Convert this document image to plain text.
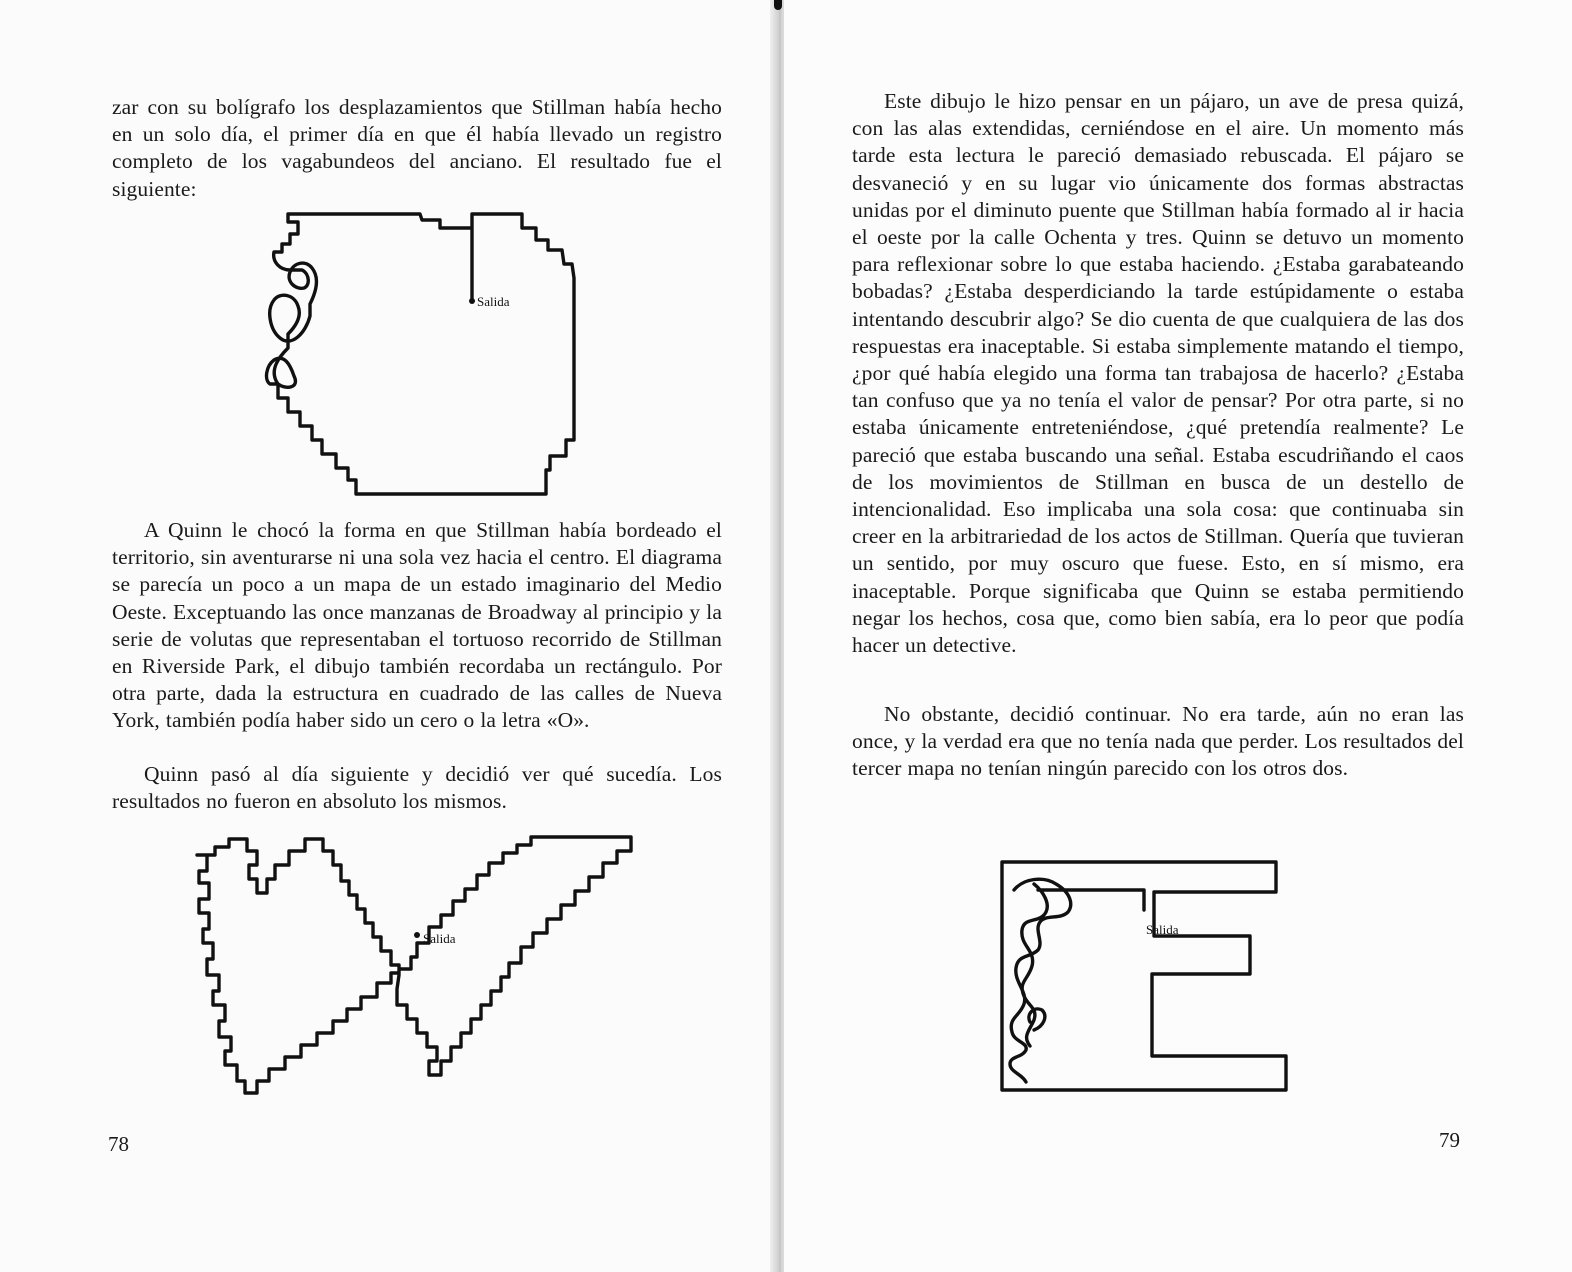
zar con su bolígrafo los desplazamientos que Stillman había hecho en un solo día, el primer día en que él había llevado un registro completo de los vagabundeos del anciano. El resultado fue el siguiente:

Salida

A Quinn le chocó la forma en que Stillman había bordeado el territorio, sin aventurarse ni una sola vez hacia el centro. El diagrama se parecía un poco a un mapa de un estado imaginario del Medio Oeste. Exceptuando las once manzanas de Broadway al principio y la serie de volutas que representaban el tortuoso recorrido de Stillman en Riverside Park, el dibujo también recordaba un rectángulo. Por otra parte, dada la estructura en cuadrado de las calles de Nueva York, también podía haber sido un cero o la letra «O».

Quinn pasó al día siguiente y decidió ver qué sucedía. Los resultados no fueron en absoluto los mismos.

Salida
78

Este dibujo le hizo pensar en un pájaro, un ave de presa quizá, con las alas extendidas, cerniéndose en el aire. Un momento más tarde esta lectura le pareció demasiado rebuscada. El pájaro se desvaneció y en su lugar vio únicamente dos formas abstractas unidas por el diminuto puente que Stillman había formado al ir hacia el oeste por la calle Ochenta y tres. Quinn se detuvo un momento para reflexionar sobre lo que estaba haciendo. ¿Estaba garabateando bobadas? ¿Estaba desperdiciando la tarde estúpidamente o estaba intentando descubrir algo? Se dio cuenta de que cualquiera de las dos respuestas era inaceptable. Si estaba simplemente matando el tiempo, ¿por qué había elegido una forma tan trabajosa de hacerlo? ¿Estaba tan confuso que ya no tenía el valor de pensar? Por otra parte, si no estaba únicamente entreteniéndose, ¿qué pretendía realmente? Le pareció que estaba buscando una señal. Estaba escudriñando el caos de los movimientos de Stillman en busca de un destello de intencionalidad. Eso implicaba una sola cosa: que continuaba sin creer en la arbitrariedad de los actos de Stillman. Quería que tuvieran un sentido, por muy oscuro que fuese. Esto, en sí mismo, era inaceptable. Porque significaba que Quinn se estaba permitiendo negar los hechos, cosa que, como bien sabía, era lo peor que podía hacer un detective.

No obstante, decidió continuar. No era tarde, aún no eran las once, y la verdad era que no tenía nada que perder. Los resultados del tercer mapa no tenían ningún parecido con los otros dos.

Salida
79
